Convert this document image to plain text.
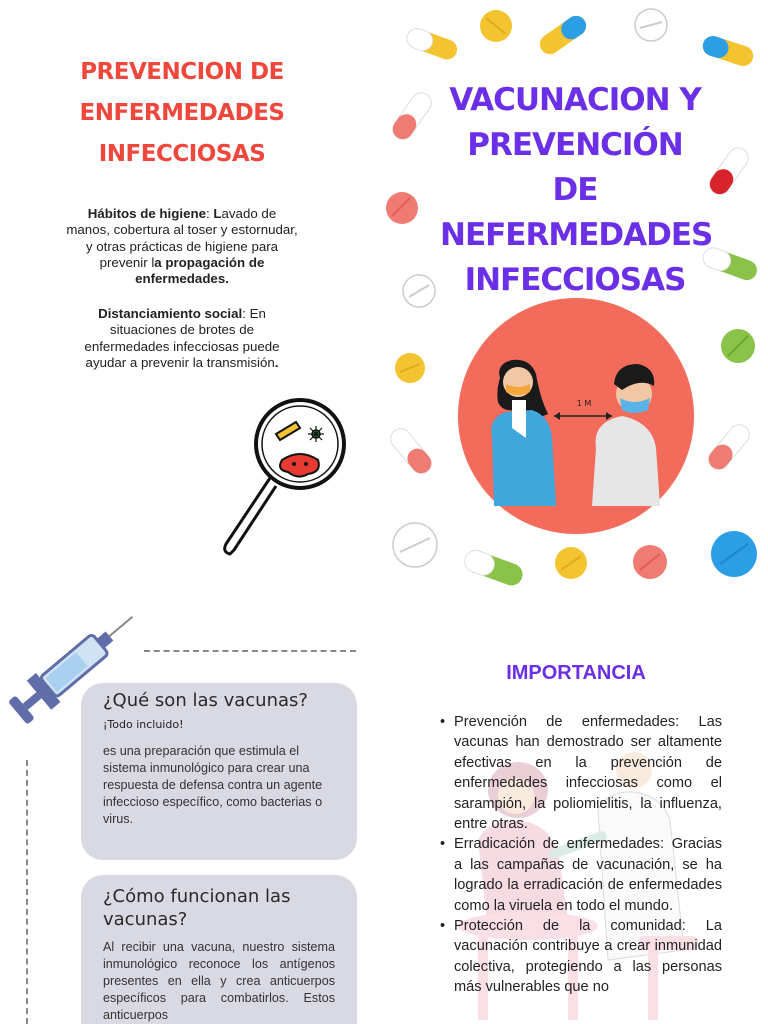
PREVENCION DE
ENFERMEDADES
INFECCIOSAS
Hábitos de higiene: Lavado de manos, cobertura al toser y estornudar, y otras prácticas de higiene para prevenir la propagación de enfermedades.
Distanciamiento social: En situaciones de brotes de enfermedades infecciosas puede ayudar a prevenir la transmisión.
VACUNACION Y
PREVENCIÓN DE
NEFERMEDADES
INFECCIOSAS
1 M
¿Qué son las vacunas?
¡Todo incluido!
es una preparación que estimula el sistema inmunológico para crear una respuesta de defensa contra un agente infeccioso específico, como bacterias o virus.
¿Cómo funcionan las vacunas?
Al recibir una vacuna, nuestro sistema inmunológico reconoce los antígenos presentes en ella y crea anticuerpos específicos para combatirlos. Estos anticuerpos
IMPORTANCIA
• Prevención de enfermedades: Las vacunas han demostrado ser altamente efectivas en la prevención de enfermedades infecciosas como el sarampión, la poliomielitis, la influenza, entre otras.
• Erradicación de enfermedades: Gracias a las campañas de vacunación, se ha logrado la erradicación de enfermedades como la viruela en todo el mundo.
• Protección de la comunidad: La vacunación contribuye a crear inmunidad colectiva, protegiendo a las personas más vulnerables que no
